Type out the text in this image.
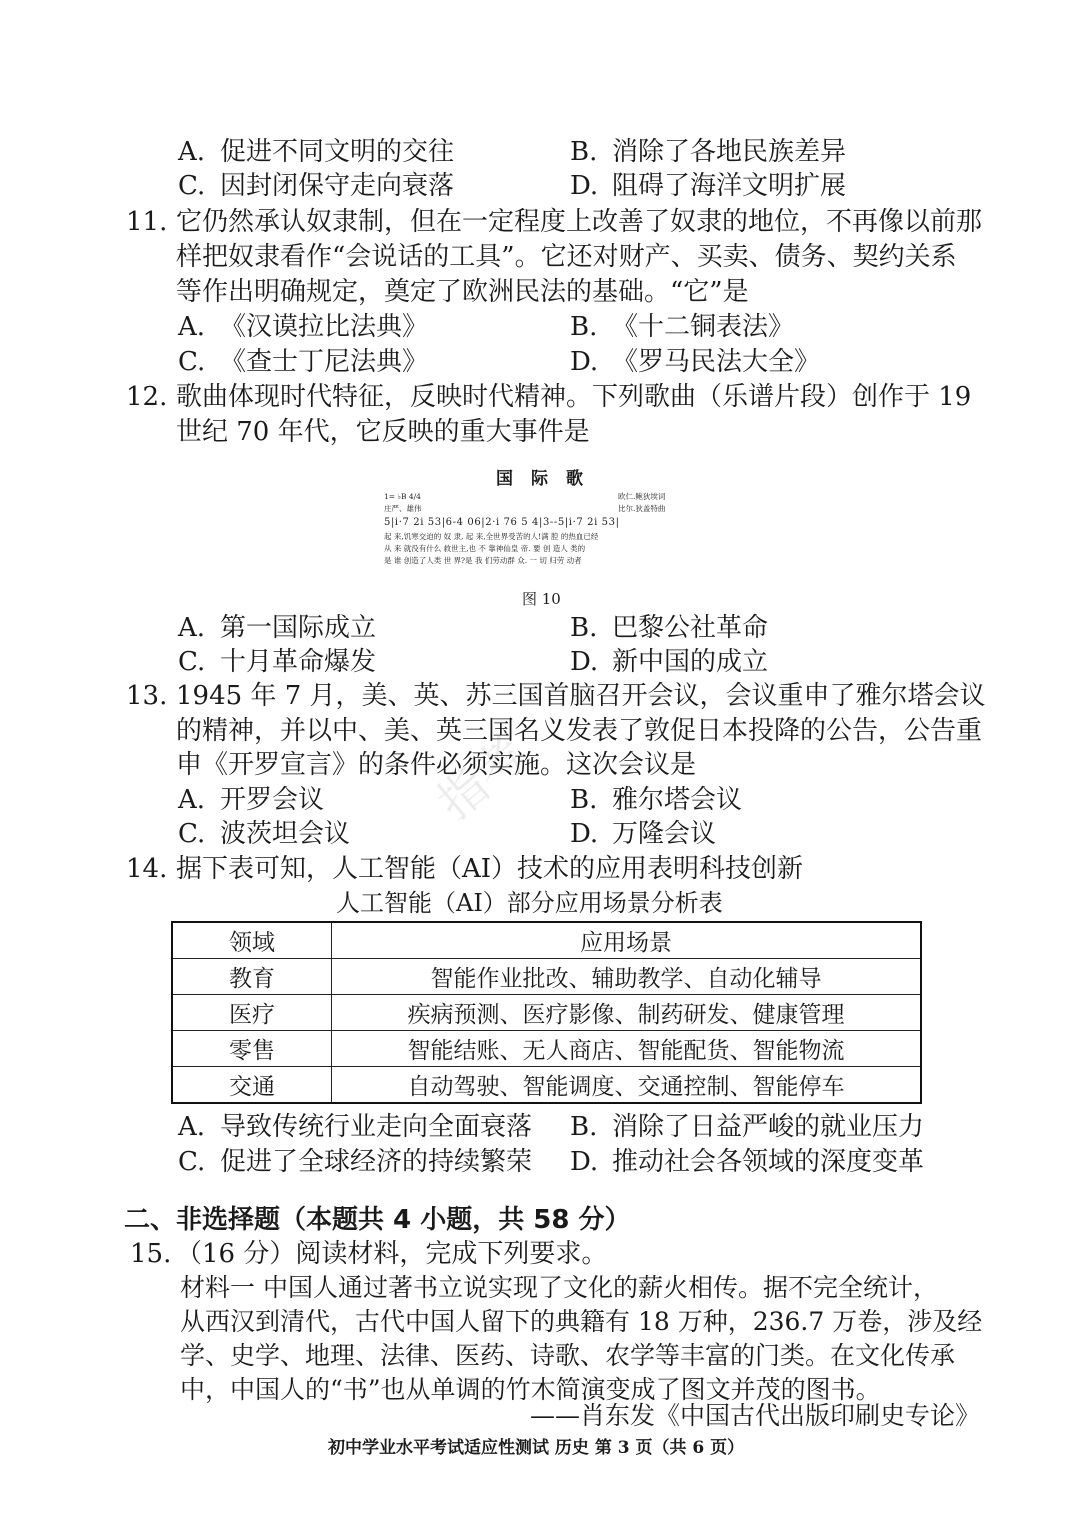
A. 促进不同文明的交往	B. 消除了各地民族差异
C. 因封闭保守走向衰落	D. 阻碍了海洋文明扩展
11. 它仍然承认奴隶制，但在一定程度上改善了奴隶的地位，不再像以前那
样把奴隶看作“会说话的工具”。它还对财产、买卖、债务、契约关系
等作出明确规定，奠定了欧洲民法的基础。“它”是
A. 《汉谟拉比法典》	B. 《十二铜表法》
C. 《查士丁尼法典》	D. 《罗马民法大全》
12. 歌曲体现时代特征，反映时代精神。下列歌曲（乐谱片段）创作于 19
世纪 70 年代，它反映的重大事件是
国际歌
1= ♭B 4/4
庄严、雄伟
欧仁.鲍狄埃词
比尔.狄盖特曲
5|i·7 2i 53|6-4 06|2·i 76 5 4|3--5|i·7 2i 53|
起 来,饥寒交迫的 奴 隶, 起 来,全世界受苦的人!满 腔 的热血已经
从 来 就没有什么 救世主,也 不 靠神仙皇 帝. 要 创 造人 类的
是 谁 创造了人类 世 界?是 我 们劳动群 众. 一 切 归劳 动者
图 10
A. 第一国际成立	B. 巴黎公社革命
C. 十月革命爆发	D. 新中国的成立
13. 1945 年 7 月，美、英、苏三国首脑召开会议，会议重申了雅尔塔会议
的精神，并以中、美、英三国名义发表了敦促日本投降的公告，公告重
申《开罗宣言》的条件必须实施。这次会议是
A. 开罗会议	B. 雅尔塔会议
C. 波茨坦会议	D. 万隆会议
指考
14. 据下表可知，人工智能（AI）技术的应用表明科技创新
人工智能（AI）部分应用场景分析表
领域	应用场景
教育	智能作业批改、辅助教学、自动化辅导
医疗	疾病预测、医疗影像、制药研发、健康管理
零售	智能结账、无人商店、智能配货、智能物流
交通	自动驾驶、智能调度、交通控制、智能停车
A. 导致传统行业走向全面衰落 B. 消除了日益严峻的就业压力
C. 促进了全球经济的持续繁荣 D. 推动社会各领域的深度变革
二、非选择题（本题共 4 小题，共 58 分）
15. （16 分）阅读材料，完成下列要求。
材料一 中国人通过著书立说实现了文化的薪火相传。据不完全统计，
从西汉到清代，古代中国人留下的典籍有 18 万种，236.7 万卷，涉及经
学、史学、地理、法律、医药、诗歌、农学等丰富的门类。在文化传承
中，中国人的“书”也从单调的竹木简演变成了图文并茂的图书。
——肖东发《中国古代出版印刷史专论》
初中学业水平考试适应性测试 历史 第 3 页（共 6 页）
